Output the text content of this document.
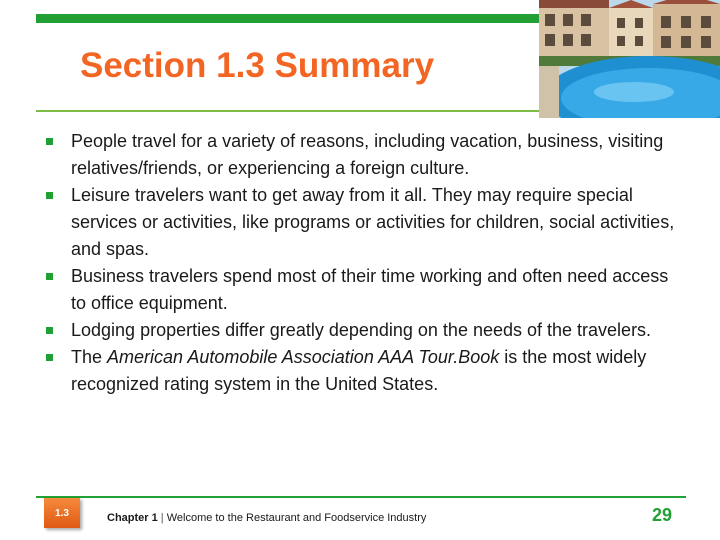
Section 1.3 Summary
People travel for a variety of reasons, including vacation, business, visiting relatives/friends, or experiencing a foreign culture.
Leisure travelers want to get away from it all. They may require special services or activities, like programs or activities for children, social activities, and spas.
Business travelers spend most of their time working and often need access to office equipment.
Lodging properties differ greatly depending on the needs of the travelers.
The American Automobile Association AAA Tour.Book is the most widely recognized rating system in the United States.
1.3	Chapter 1 | Welcome to the Restaurant and Foodservice Industry	29
